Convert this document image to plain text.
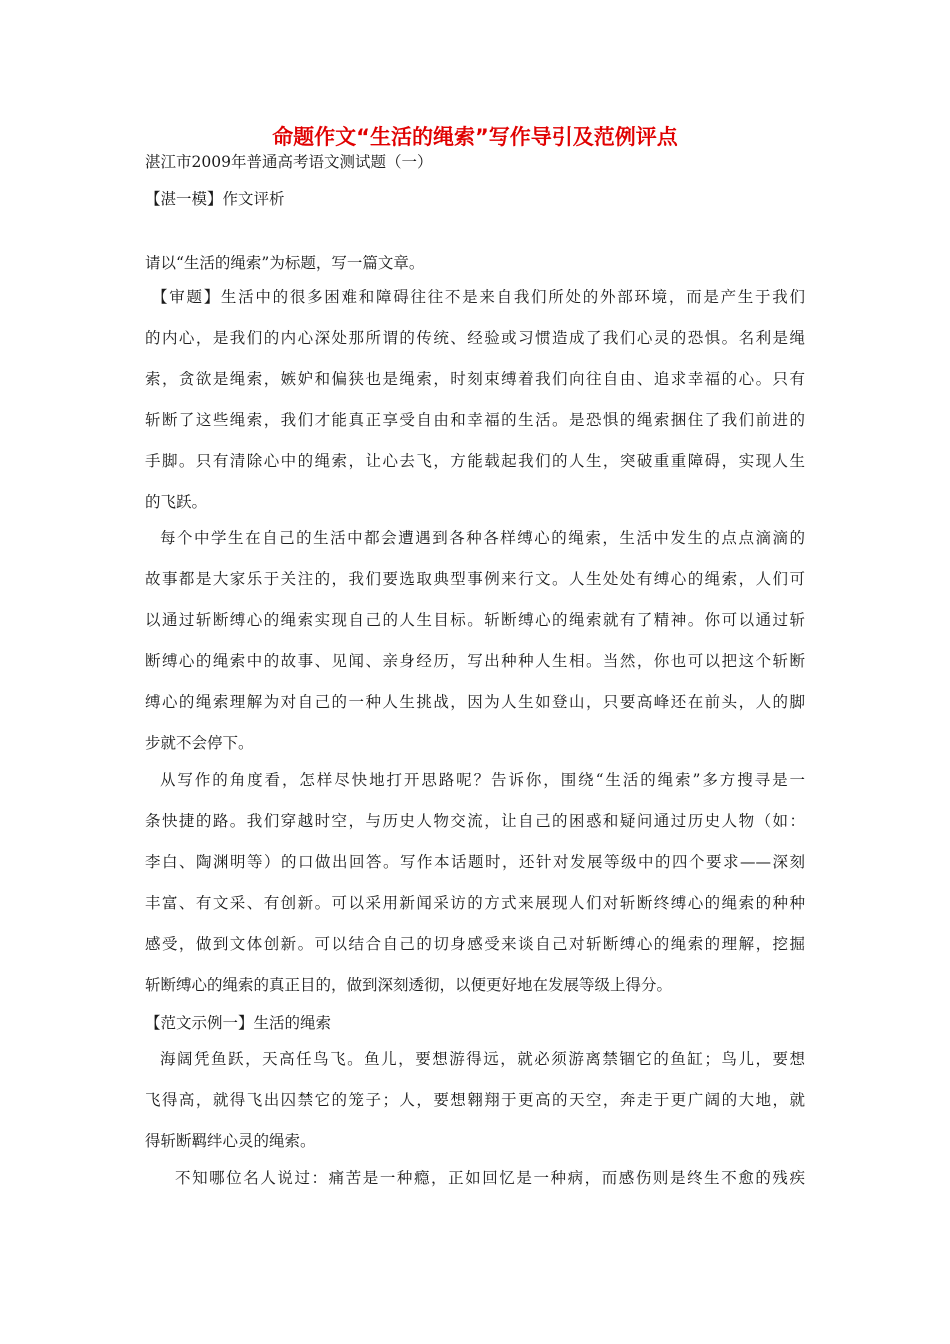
命题作文“生活的绳索”写作导引及范例评点
湛江市2009年普通高考语文测试题（一）
【湛一模】作文评析
请以“生活的绳索”为标题，写一篇文章。
【审题】生活中的很多困难和障碍往往不是来自我们所处的外部环境，而是产生于我们
的内心，是我们的内心深处那所谓的传统、经验或习惯造成了我们心灵的恐惧。名利是绳
索，贪欲是绳索，嫉妒和偏狭也是绳索，时刻束缚着我们向往自由、追求幸福的心。只有
斩断了这些绳索，我们才能真正享受自由和幸福的生活。是恐惧的绳索捆住了我们前进的
手脚。只有清除心中的绳索，让心去飞，方能载起我们的人生，突破重重障碍，实现人生
的飞跃。
每个中学生在自己的生活中都会遭遇到各种各样缚心的绳索，生活中发生的点点滴滴的
故事都是大家乐于关注的，我们要选取典型事例来行文。人生处处有缚心的绳索，人们可
以通过斩断缚心的绳索实现自己的人生目标。斩断缚心的绳索就有了精神。你可以通过斩
断缚心的绳索中的故事、见闻、亲身经历，写出种种人生相。当然，你也可以把这个斩断
缚心的绳索理解为对自己的一种人生挑战，因为人生如登山，只要高峰还在前头，人的脚
步就不会停下。
从写作的角度看，怎样尽快地打开思路呢？告诉你，围绕“生活的绳索”多方搜寻是一
条快捷的路。我们穿越时空，与历史人物交流，让自己的困惑和疑问通过历史人物（如：
李白、陶渊明等）的口做出回答。写作本话题时，还针对发展等级中的四个要求——深刻
丰富、有文采、有创新。可以采用新闻采访的方式来展现人们对斩断终缚心的绳索的种种
感受，做到文体创新。可以结合自己的切身感受来谈自己对斩断缚心的绳索的理解，挖掘
斩断缚心的绳索的真正目的，做到深刻透彻，以便更好地在发展等级上得分。
【范文示例一】生活的绳索
海阔凭鱼跃，天高任鸟飞。鱼儿，要想游得远，就必须游离禁锢它的鱼缸；鸟儿，要想
飞得高，就得飞出囚禁它的笼子；人，要想翱翔于更高的天空，奔走于更广阔的大地，就
得斩断羁绊心灵的绳索。
不知哪位名人说过：痛苦是一种瘾，正如回忆是一种病，而感伤则是终生不愈的残疾
